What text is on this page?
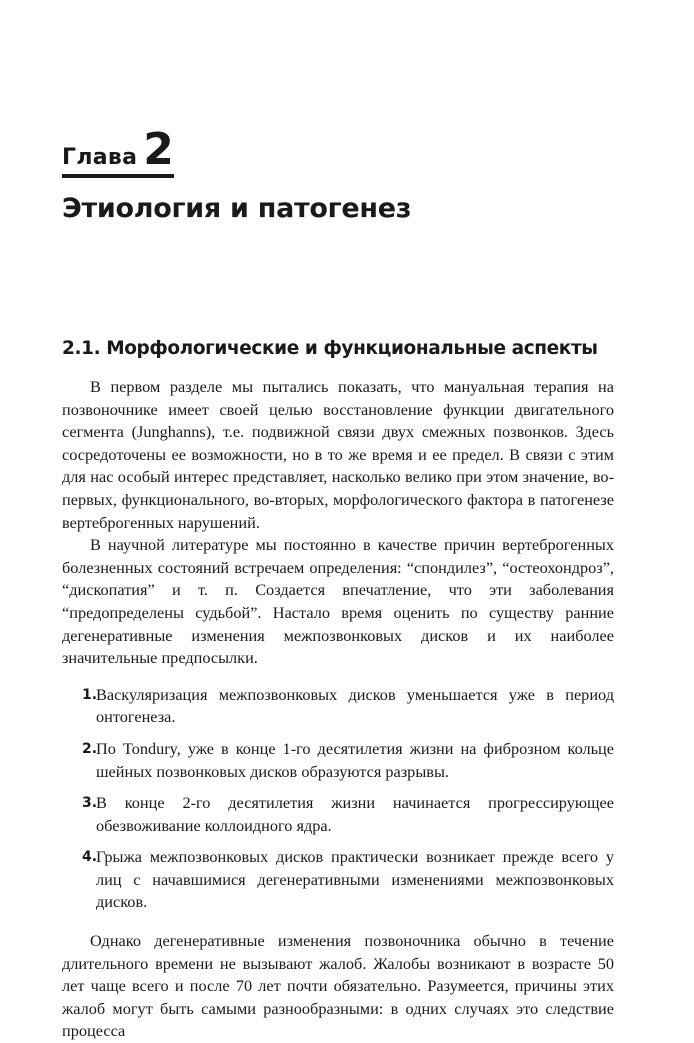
Глава 2
Этиология и патогенез
2.1. Морфологические и функциональные аспекты

В первом разделе мы пытались показать, что мануальная терапия на позвоночнике имеет своей целью восстановление функции двигательного сегмента (Junghanns), т.е. подвижной связи двух смежных позвонков. Здесь сосредоточены ее возможности, но в то же время и ее предел. В связи с этим для нас особый интерес представляет, насколько велико при этом значение, во-первых, функционального, во-вторых, морфологического фактора в патогенезе вертеброгенных нарушений.

В научной литературе мы постоянно в качестве причин вертеброгенных болезненных состояний встречаем определения: “спондилез”, “остеохондроз”, “дископатия” и т. п. Создается впечатление, что эти заболевания “предопределены судьбой”. Настало время оценить по существу ранние дегенеративные изменения межпозвонковых дисков и их наиболее значительные предпосылки.

1.
Васкуляризация межпозвонковых дисков уменьшается уже в период онтогенеза.
2.
По Tondury, уже в конце 1-го десятилетия жизни на фиброзном кольце шейных позвонковых дисков образуются разрывы.
3.
В конце 2-го десятилетия жизни начинается прогрессирующее обезвоживание коллоидного ядра.
4.
Грыжа межпозвонковых дисков практически возникает прежде всего у лиц с начавшимися дегенеративными изменениями межпозвонковых дисков.

Однако дегенеративные изменения позвоночника обычно в течение длительного времени не вызывают жалоб. Жалобы возникают в возрасте 50 лет чаще всего и после 70 лет почти обязательно. Разумеется, причины этих жалоб могут быть самыми разнообразными: в одних случаях это следствие процесса
